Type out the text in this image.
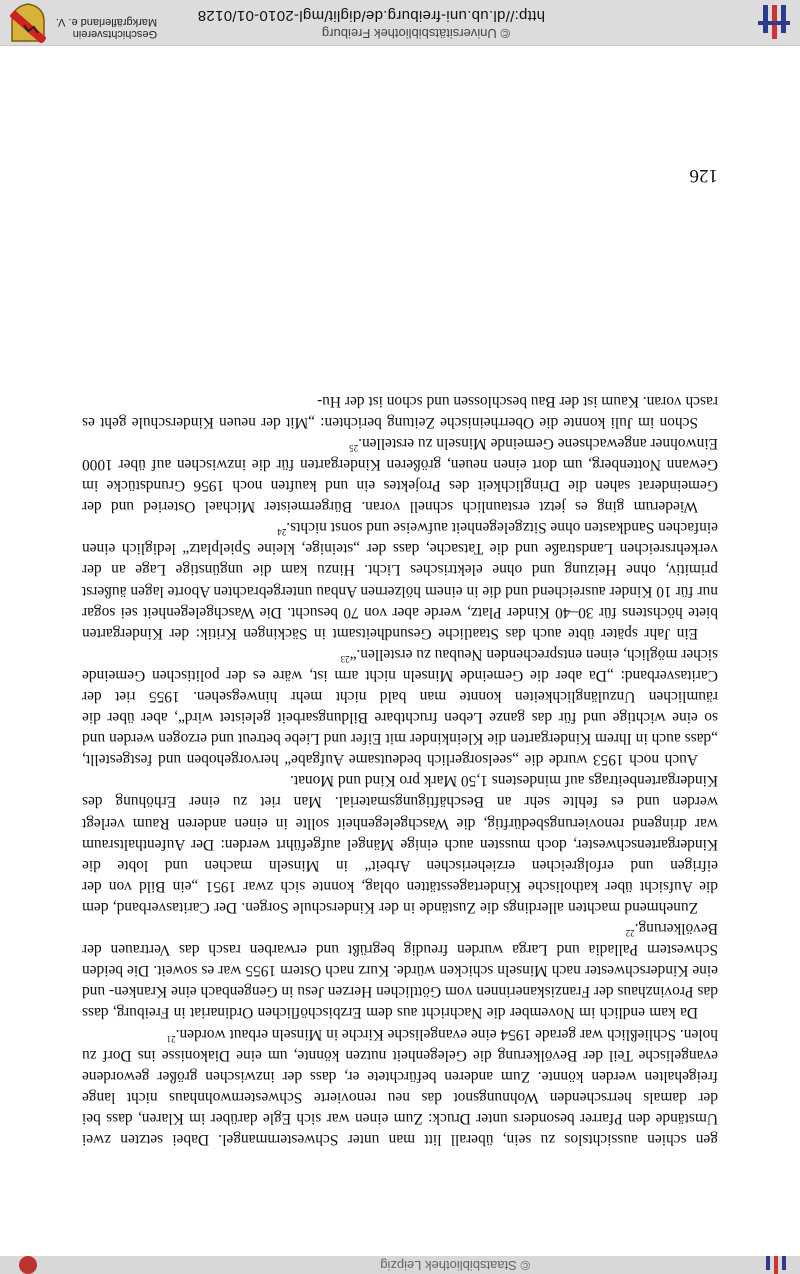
© Staatsbibliothek Leipzig

gen schien aussichtslos zu sein, überall litt man unter Schwesternmangel. Dabei setzten zwei Umstände den Pfarrer besonders unter Druck: Zum einen war sich Egle darüber im Klaren, dass bei der damals herrschenden Wohnungsnot das neu renovierte Schwesternwohnhaus nicht lange freigehalten werden könnte. Zum anderen befürchtete er, dass der inzwischen größer gewordene evangelische Teil der Bevölkerung die Gelegenheit nutzen könnte, um eine Diakonisse ins Dorf zu holen. Schließlich war gerade 1954 eine evangelische Kirche in Minseln erbaut worden.$^{21}$

Da kam endlich im November die Nachricht aus dem Erzbischöflichen Ordinariat in Freiburg, dass das Provinzhaus der Franziskanerinnen vom Göttlichen Herzen Jesu in Gengenbach eine Kranken- und eine Kinderschwester nach Minseln schicken würde. Kurz nach Ostern 1955 war es soweit. Die beiden Schwestern Palladia und Larga wurden freudig begrüßt und erwarben rasch das Vertrauen der Bevölkerung.$^{22}$

Zunehmend machten allerdings die Zustände in der Kinderschule Sorgen. Der Caritasverband, dem die Aufsicht über katholische Kindertagesstätten oblag, konnte sich zwar 1951 „ein Bild von der eifrigen und erfolgreichen erzieherischen Arbeit“ in Minseln machen und lobte die Kindergartenschwester, doch mussten auch einige Mängel aufgeführt werden: Der Aufenthaltsraum war dringend renovierungsbedürftig, die Waschgelegenheit sollte in einen anderen Raum verlegt werden und es fehlte sehr an Beschäftigungsmaterial. Man riet zu einer Erhöhung des Kindergartenbeitrags auf mindestens 1,50 Mark pro Kind und Monat.

Auch noch 1953 wurde die „seelsorgerlich bedeutsame Aufgabe“ hervorgehoben und festgestellt, „dass auch in Ihrem Kindergarten die Kleinkinder mit Eifer und Liebe betreut und erzogen werden und so eine wichtige und für das ganze Leben fruchtbare Bildungsarbeit geleistet wird“, aber über die räumlichen Unzulänglichkeiten konnte man bald nicht mehr hinwegsehen. 1955 riet der Caritasverband: „Da aber die Gemeinde Minseln nicht arm ist, wäre es der politischen Gemeinde sicher möglich, einen entsprechenden Neubau zu erstellen.“$^{23}$

Ein Jahr später übte auch das Staatliche Gesundheitsamt in Säckingen Kritik: der Kindergarten biete höchstens für 30–40 Kinder Platz, werde aber von 70 besucht. Die Waschgelegenheit sei sogar nur für 10 Kinder ausreichend und die in einem hölzernen Anbau untergebrachten Aborte lagen äußerst primitiv, ohne Heizung und ohne elektrisches Licht. Hinzu kam die ungünstige Lage an der verkehrsreichen Landstraße und die Tatsache, dass der „steinige, kleine Spielplatz“ lediglich einen einfachen Sandkasten ohne Sitzgelegenheit aufweise und sonst nichts.$^{24}$

Wiederum ging es jetzt erstaunlich schnell voran. Bürgermeister Michael Osteried und der Gemeinderat sahen die Dringlichkeit des Projektes ein und kauften noch 1956 Grundstücke im Gewann Nottenberg, um dort einen neuen, größeren Kindergarten für die inzwischen auf über 1000 Einwohner angewachsene Gemeinde Minseln zu erstellen.$^{25}$

Schon im Juli konnte die Oberrheinische Zeitung berichten: „Mit der neuen Kinderschule geht es rasch voran. Kaum ist der Bau beschlossen und schon ist der Hu-

126
© Universitätsbibliothek Freiburg
http://dl.ub.uni-freiburg.de/diglit/mgl-2010-01/0128
Geschichtsverein
Markgräflerland e. V.
